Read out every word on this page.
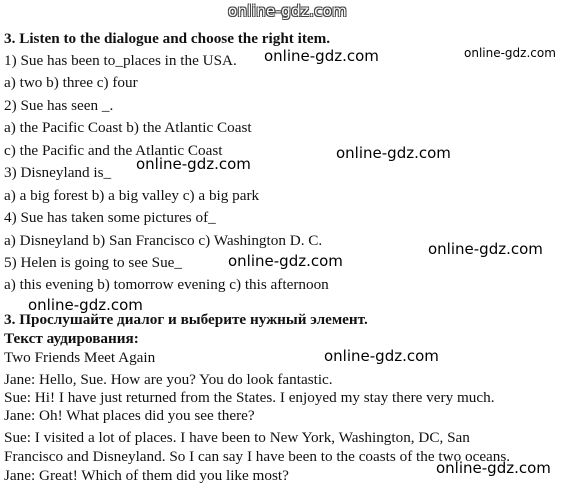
online-gdz.com
3. Listen to the dialogue and choose the right item.
1) Sue has been to_places in the USA.
a) two b) three c) four
2) Sue has seen _.
a) the Pacific Coast b) the Atlantic Coast
c) the Pacific and the Atlantic Coast
3) Disneyland is_
a) a big forest b) a big valley c) a big park
4) Sue has taken some pictures of_
a) Disneyland b) San Francisco c) Washington D. C.
5) Helen is going to see Sue_
a) this evening b) tomorrow evening c) this afternoon
3. Прослушайте диалог и выберите нужный элемент.
Текст аудирования:
Two Friends Meet Again
Jane: Hello, Sue. How are you? You do look fantastic.
Sue: Hi! I have just returned from the States. I enjoyed my stay there very much.
Jane: Oh! What places did you see there?
Sue: I visited a lot of places. I have been to New York, Washington, DC, San
Francisco and Disneyland. So I can say I have been to the coasts of the two oceans.
Jane: Great! Which of them did you like most?
online-gdz.com	online-gdz.com
online-gdz.com
online-gdz.com
online-gdz.com
online-gdz.com
online-gdz.com
online-gdz.com
online-gdz.com
